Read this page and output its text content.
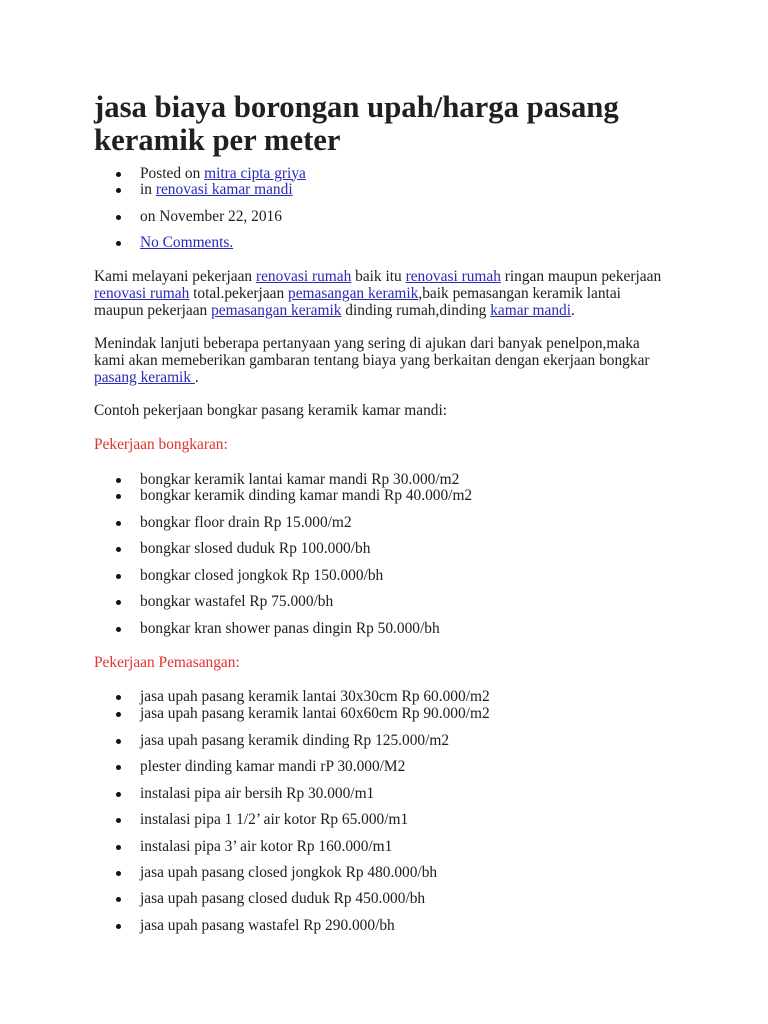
jasa biaya borongan upah/harga pasang keramik per meter
Posted on mitra cipta griya
in renovasi kamar mandi
on November 22, 2016
No Comments.

Kami melayani pekerjaan renovasi rumah baik itu renovasi rumah ringan maupun pekerjaan
renovasi rumah total.pekerjaan pemasangan keramik,baik pemasangan keramik lantai
maupun pekerjaan pemasangan keramik dinding rumah,dinding kamar mandi.

Menindak lanjuti beberapa pertanyaan yang sering di ajukan dari banyak penelpon,maka
kami akan memeberikan gambaran tentang biaya yang berkaitan dengan ekerjaan bongkar
pasang keramik .

Contoh pekerjaan bongkar pasang keramik kamar mandi:

Pekerjaan bongkaran:

bongkar keramik lantai kamar mandi Rp 30.000/m2
bongkar keramik dinding kamar mandi Rp 40.000/m2
bongkar floor drain Rp 15.000/m2
bongkar slosed duduk Rp 100.000/bh
bongkar closed jongkok Rp 150.000/bh
bongkar wastafel Rp 75.000/bh
bongkar kran shower panas dingin Rp 50.000/bh

Pekerjaan Pemasangan:

jasa upah pasang keramik lantai 30x30cm Rp 60.000/m2
jasa upah pasang keramik lantai 60x60cm Rp 90.000/m2
jasa upah pasang keramik dinding Rp 125.000/m2
plester dinding kamar mandi rP 30.000/M2
instalasi pipa air bersih Rp 30.000/m1
instalasi pipa 1 1/2’ air kotor Rp 65.000/m1
instalasi pipa 3’ air kotor Rp 160.000/m1
jasa upah pasang closed jongkok Rp 480.000/bh
jasa upah pasang closed duduk Rp 450.000/bh
jasa upah pasang wastafel Rp 290.000/bh
